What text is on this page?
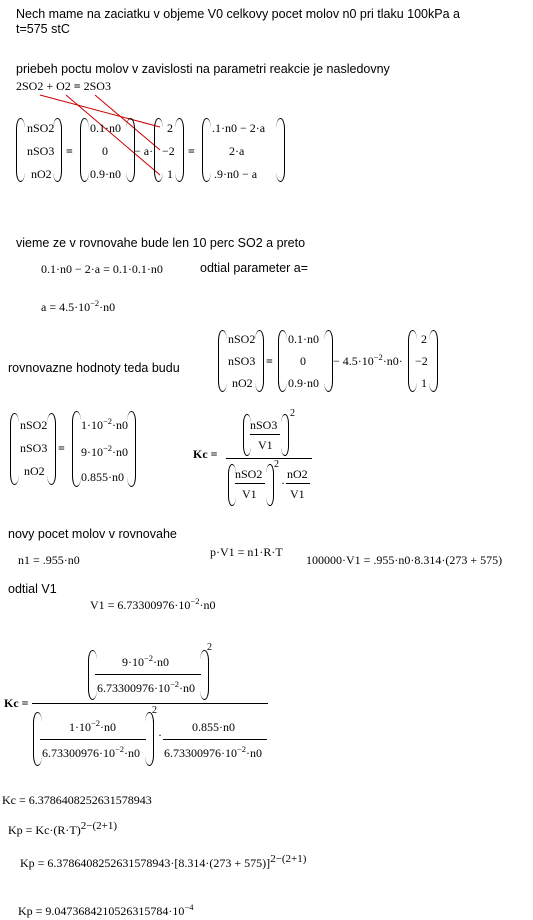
Nech mame na zaciatku v objeme V0 celkovy pocet molov n0 pri tlaku 100kPa a
t=575 stC
priebeh poctu molov v zavislosti na parametri reakcie je nasledovny
2SO2 + O2 = 2SO3
nSO2
nSO3
nO2
=
0.1·n0
0
0.9·n0
− a·
2
−2
1
=
.1·n0 − 2·a
2·a
.9·n0 − a
vieme ze v rovnovahe bude len 10 perc SO2 a preto
0.1·n0 − 2·a = 0.1·0.1·n0	odtial parameter a=
$a = 4.5\cdot 10^{-2}\cdot n0$
rovnovazne hodnoty teda budu
nSO2
nSO3
nO2
=
0.1·n0
0
0.9·n0
− $4.5\cdot 10^{-2}\cdot n0\cdot$
2
−2
1
nSO2
nSO3
nO2
=
$1\cdot 10^{-2}\cdot n0$
$9\cdot 10^{-2}\cdot n0$
0.855·n0
Kc =
nSO3
V1
2
nSO2
V1
2
·
nO2
V1
novy pocet molov v rovnovahe
n1 = .955·n0
p·V1 = n1·R·T
100000·V1 = .955·n0·8.314·(273 + 575)
odtial V1
$V1 = 6.73300976\cdot 10^{-2}\cdot n0$
Kc =
$9\cdot 10^{-2}\cdot n0$
$6.73300976\cdot 10^{-2}\cdot n0$
2
$1\cdot 10^{-2}\cdot n0$
$6.73300976\cdot 10^{-2}\cdot n0$
2
·
0.855·n0
$6.73300976\cdot 10^{-2}\cdot n0$
Kc = 6.3786408252631578943
$Kp = Kc\cdot(R\cdot T)^{2-(2+1)}$
$Kp = 6.3786408252631578943\cdot[8.314\cdot(273 + 575)]^{2-(2+1)}$
$Kp = 9.0473684210526315784\cdot 10^{-4}$
